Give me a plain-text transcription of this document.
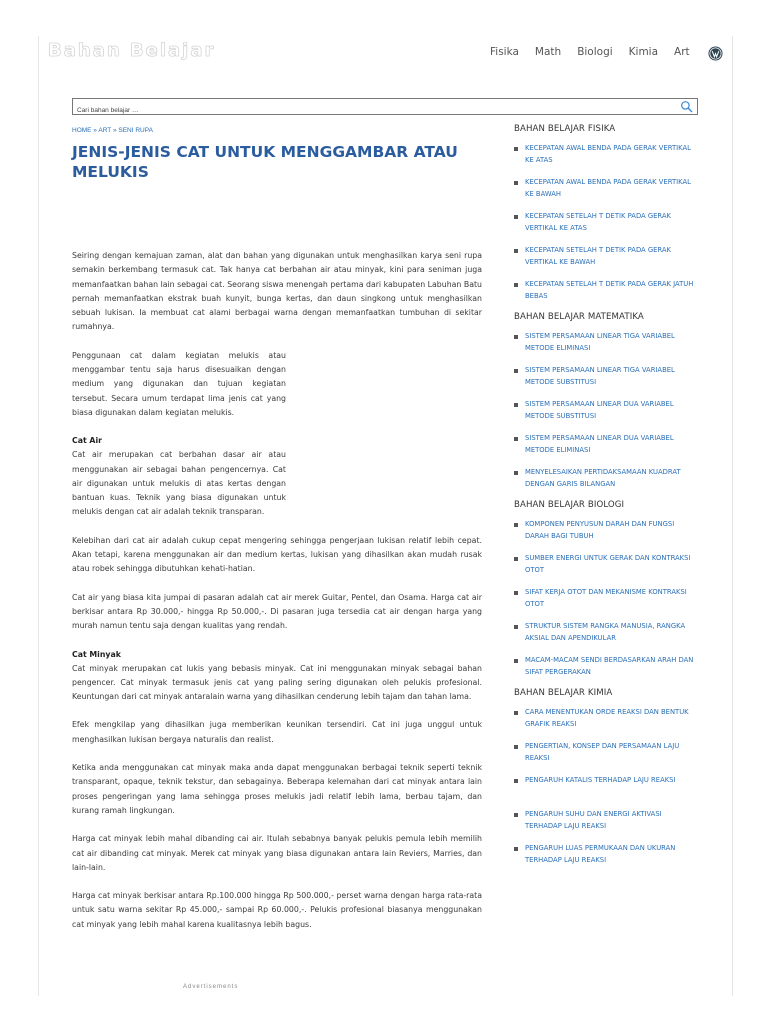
Bahan Belajar	Fisika Math Biologi Kimia Art
Cari bahan belajar …
HOME » ART » SENI RUPA
JENIS-JENIS CAT UNTUK MENGGAMBAR ATAU MELUKIS

Seiring dengan kemajuan zaman, alat dan bahan yang digunakan untuk menghasilkan karya seni rupa semakin berkembang termasuk cat. Tak hanya cat berbahan air atau minyak, kini para seniman juga memanfaatkan bahan lain sebagai cat. Seorang siswa menengah pertama dari kabupaten Labuhan Batu pernah memanfaatkan ekstrak buah kunyit, bunga kertas, dan daun singkong untuk menghasilkan sebuah lukisan. Ia membuat cat alami berbagai warna dengan memanfaatkan tumbuhan di sekitar rumahnya.

Penggunaan cat dalam kegiatan melukis atau menggambar tentu saja harus disesuaikan dengan medium yang digunakan dan tujuan kegiatan tersebut. Secara umum terdapat lima jenis cat yang biasa digunakan dalam kegiatan melukis.

Cat Air

Cat air merupakan cat berbahan dasar air atau menggunakan air sebagai bahan pengencernya. Cat air digunakan untuk melukis di atas kertas dengan bantuan kuas. Teknik yang biasa digunakan untuk melukis dengan cat air adalah teknik transparan.

Kelebihan dari cat air adalah cukup cepat mengering sehingga pengerjaan lukisan relatif lebih cepat. Akan tetapi, karena menggunakan air dan medium kertas, lukisan yang dihasilkan akan mudah rusak atau robek sehingga dibutuhkan kehati-hatian.

Cat air yang biasa kita jumpai di pasaran adalah cat air merek Guitar, Pentel, dan Osama. Harga cat air berkisar antara Rp 30.000,- hingga Rp 50.000,-. Di pasaran juga tersedia cat air dengan harga yang murah namun tentu saja dengan kualitas yang rendah.

Cat Minyak

Cat minyak merupakan cat lukis yang bebasis minyak. Cat ini menggunakan minyak sebagai bahan pengencer. Cat minyak termasuk jenis cat yang paling sering digunakan oleh pelukis profesional. Keuntungan dari cat minyak antaralain warna yang dihasilkan cenderung lebih tajam dan tahan lama.

Efek mengkilap yang dihasilkan juga memberikan keunikan tersendiri. Cat ini juga unggul untuk menghasilkan lukisan bergaya naturalis dan realist.

Ketika anda menggunakan cat minyak maka anda dapat menggunakan berbagai teknik seperti teknik transparant, opaque, teknik tekstur, dan sebagainya. Beberapa kelemahan dari cat minyak antara lain proses pengeringan yang lama sehingga proses melukis jadi relatif lebih lama, berbau tajam, dan kurang ramah lingkungan.

Harga cat minyak lebih mahal dibanding cai air. Itulah sebabnya banyak pelukis pemula lebih memilih cat air dibanding cat minyak. Merek cat minyak yang biasa digunakan antara lain Reviers, Marries, dan lain-lain.

Harga cat minyak berkisar antara Rp.100.000 hingga Rp 500.000,- perset warna dengan harga rata-rata untuk satu warna sekitar Rp 45.000,- sampai Rp 60.000,-. Pelukis profesional biasanya menggunakan cat minyak yang lebih mahal karena kualitasnya lebih bagus.

Advertisements
BAHAN BELAJAR FISIKA
KECEPATAN AWAL BENDA PADA GERAK VERTIKAL KE ATAS
KECEPATAN AWAL BENDA PADA GERAK VERTIKAL KE BAWAH
KECEPATAN SETELAH T DETIK PADA GERAK VERTIKAL KE ATAS
KECEPATAN SETELAH T DETIK PADA GERAK VERTIKAL KE BAWAH
KECEPATAN SETELAH T DETIK PADA GERAK JATUH BEBAS
BAHAN BELAJAR MATEMATIKA
SISTEM PERSAMAAN LINEAR TIGA VARIABEL METODE ELIMINASI
SISTEM PERSAMAAN LINEAR TIGA VARIABEL METODE SUBSTITUSI
SISTEM PERSAMAAN LINEAR DUA VARIABEL METODE SUBSTITUSI
SISTEM PERSAMAAN LINEAR DUA VARIABEL METODE ELIMINASI
MENYELESAIKAN PERTIDAKSAMAAN KUADRAT DENGAN GARIS BILANGAN
BAHAN BELAJAR BIOLOGI
KOMPONEN PENYUSUN DARAH DAN FUNGSI DARAH BAGI TUBUH
SUMBER ENERGI UNTUK GERAK DAN KONTRAKSI OTOT
SIFAT KERJA OTOT DAN MEKANISME KONTRAKSI OTOT
STRUKTUR SISTEM RANGKA MANUSIA, RANGKA AKSIAL DAN APENDIKULAR
MACAM-MACAM SENDI BERDASARKAN ARAH DAN SIFAT PERGERAKAN
BAHAN BELAJAR KIMIA
CARA MENENTUKAN ORDE REAKSI DAN BENTUK GRAFIK REAKSI
PENGERTIAN, KONSEP DAN PERSAMAAN LAJU REAKSI
PENGARUH KATALIS TERHADAP LAJU REAKSI
PENGARUH SUHU DAN ENERGI AKTIVASI TERHADAP LAJU REAKSI
PENGARUH LUAS PERMUKAAN DAN UKURAN TERHADAP LAJU REAKSI
